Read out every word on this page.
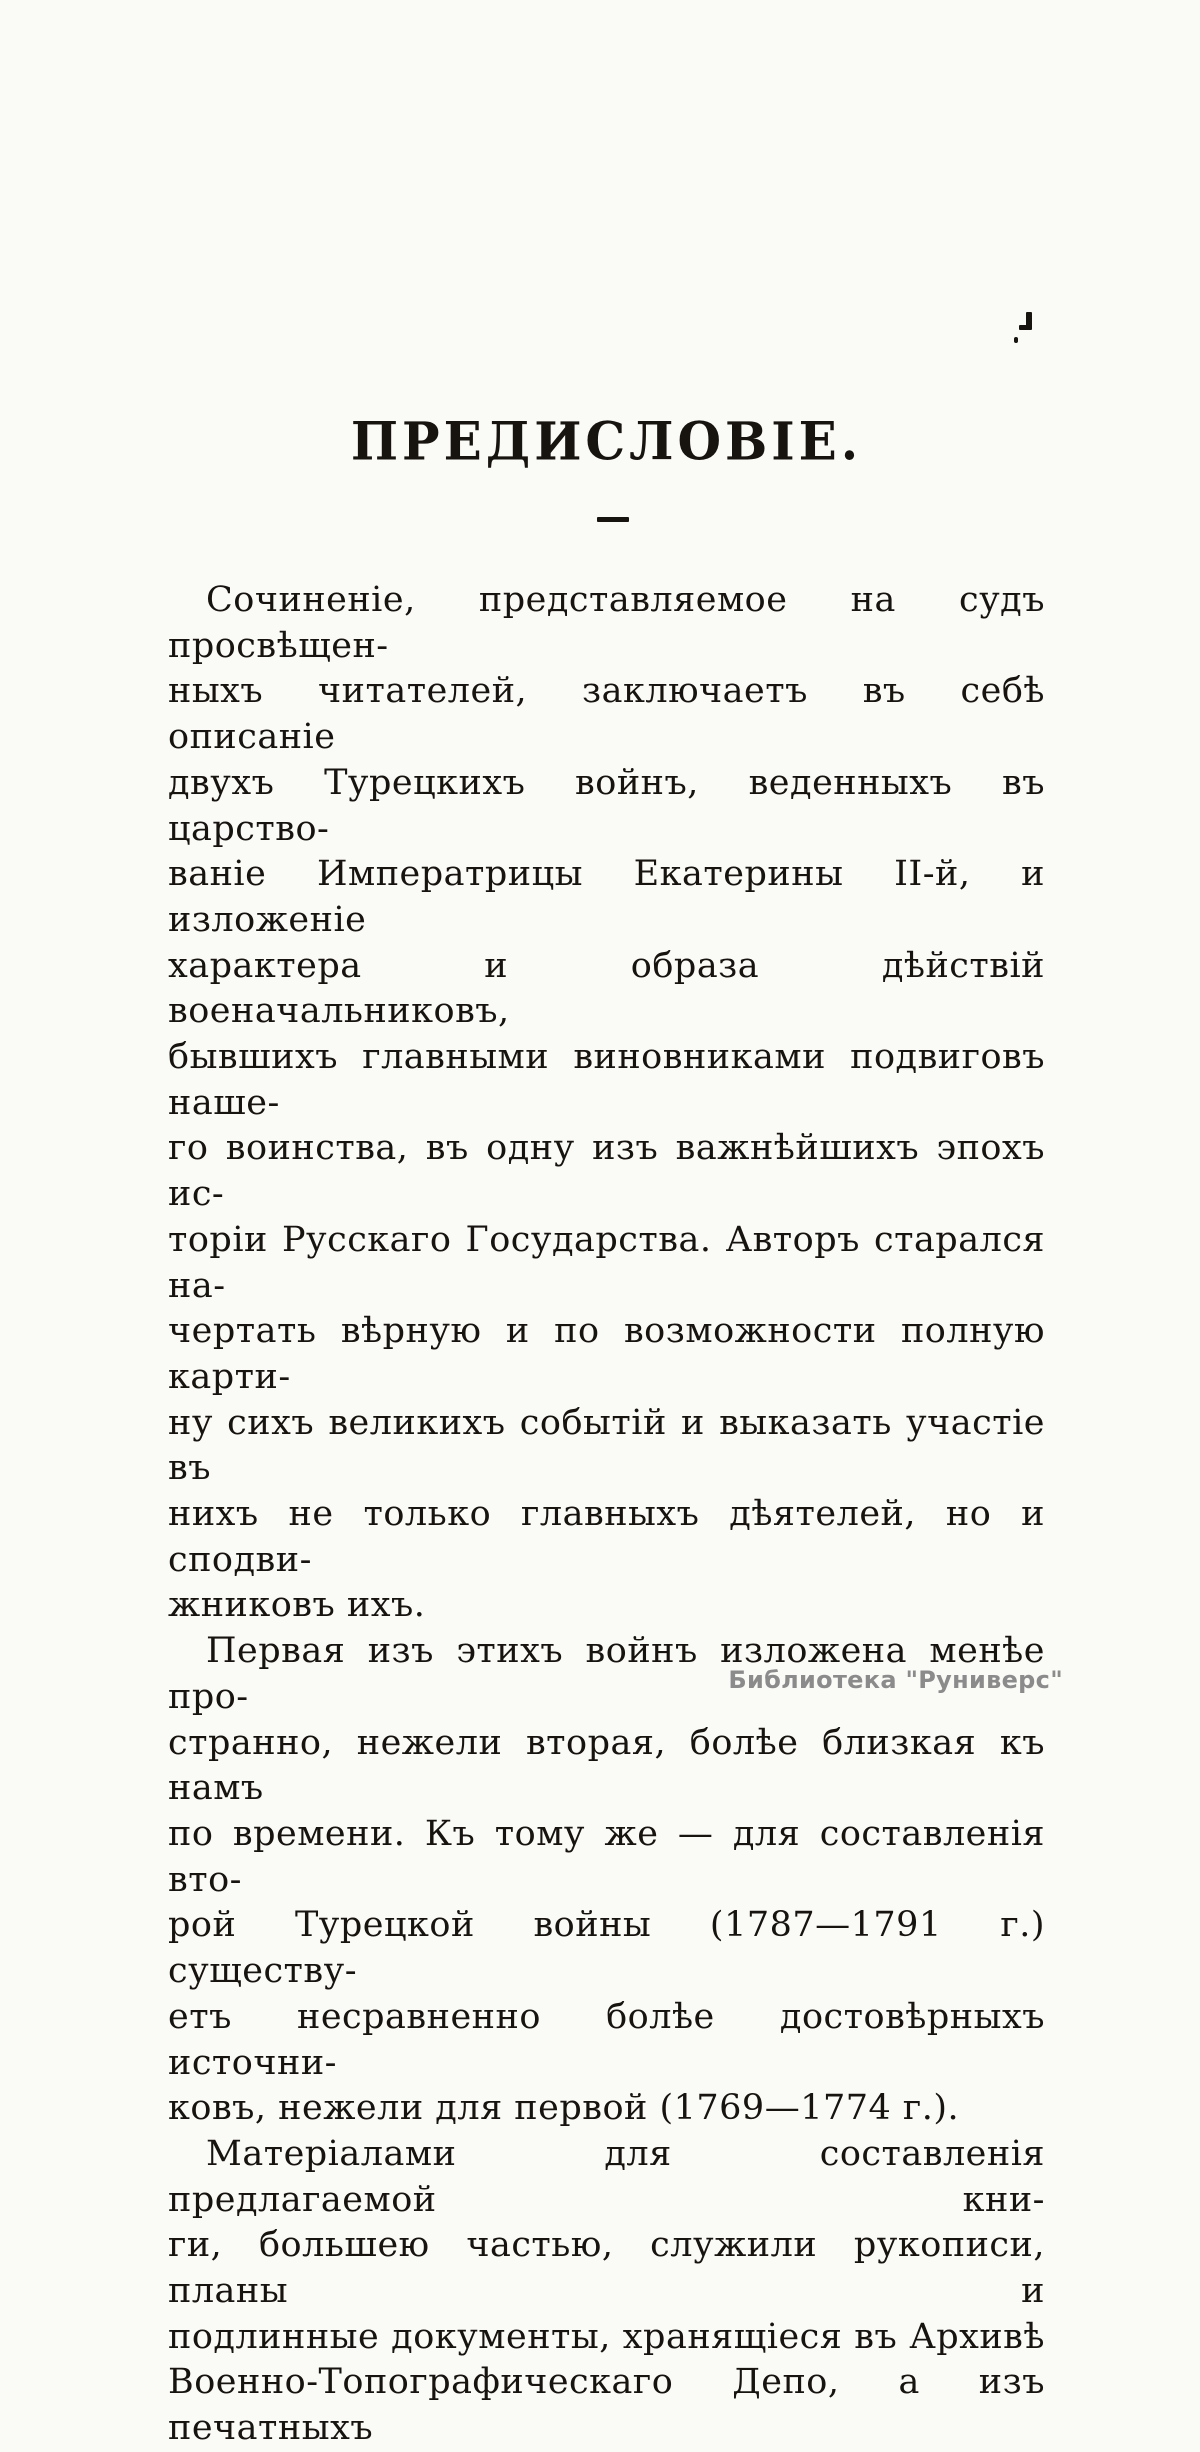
ПРЕДИСЛОВІЕ.
Сочиненіе, представляемое на судъ просвѣщен-
ныхъ читателей, заключаетъ въ себѣ описаніе
двухъ Турецкихъ войнъ, веденныхъ въ царство-
ваніе Императрицы Екатерины ІІ-й, и изложеніе
характера и образа дѣйствій военачальниковъ,
бывшихъ главными виновниками подвиговъ наше-
го воинства, въ одну изъ важнѣйшихъ эпохъ ис-
торіи Русскаго Государства. Авторъ старался на-
чертать вѣрную и по возможности полную карти-
ну сихъ великихъ событій и выказать участіе въ
нихъ не только главныхъ дѣятелей, но и сподви-
жниковъ ихъ.
Первая изъ этихъ войнъ изложена менѣе про-
странно, нежели вторая, болѣе близкая къ намъ
по времени. Къ тому же — для составленія вто-
рой Турецкой войны (1787—1791 г.) существу-
етъ несравненно болѣе достовѣрныхъ источни-
ковъ, нежели для первой (1769—1774 г.).
Матеріалами для составленія предлагаемой кни-
ги, большею частью, служили рукописи, планы и
подлинные документы, хранящіеся въ Архивѣ
Военно-Топографическаго Депо, а изъ печатныхъ
Библиотека "Руниверс"
